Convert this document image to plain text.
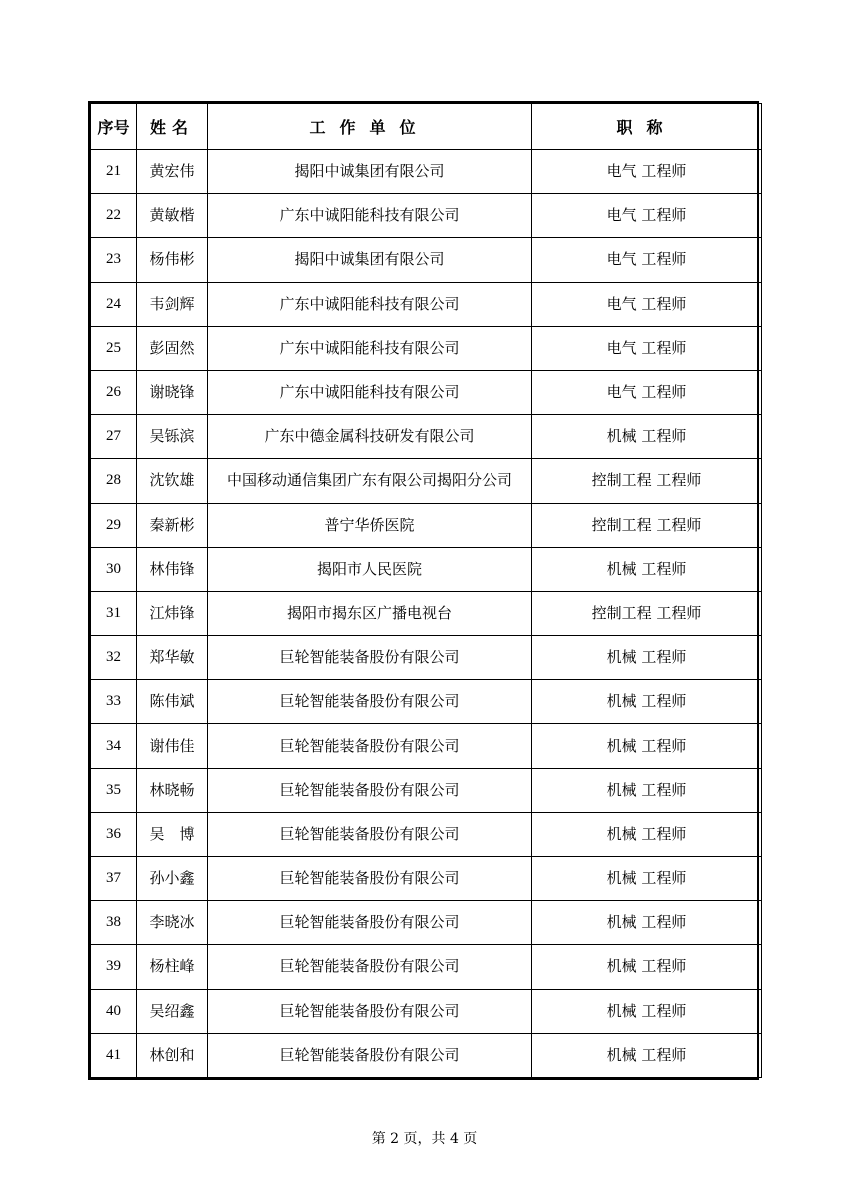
序号	姓名	工作单位	职称
21	黄宏伟	揭阳中诚集团有限公司	电气 工程师
22	黄敏楷	广东中诚阳能科技有限公司	电气 工程师
23	杨伟彬	揭阳中诚集团有限公司	电气 工程师
24	韦剑辉	广东中诚阳能科技有限公司	电气 工程师
25	彭固然	广东中诚阳能科技有限公司	电气 工程师
26	谢晓锋	广东中诚阳能科技有限公司	电气 工程师
27	吴铄滨	广东中德金属科技研发有限公司	机械 工程师
28	沈钦雄	中国移动通信集团广东有限公司揭阳分公司	控制工程 工程师
29	秦新彬	普宁华侨医院	控制工程 工程师
30	林伟锋	揭阳市人民医院	机械 工程师
31	江炜锋	揭阳市揭东区广播电视台	控制工程 工程师
32	郑华敏	巨轮智能装备股份有限公司	机械 工程师
33	陈伟斌	巨轮智能装备股份有限公司	机械 工程师
34	谢伟佳	巨轮智能装备股份有限公司	机械 工程师
35	林晓畅	巨轮智能装备股份有限公司	机械 工程师
36	吴　博	巨轮智能装备股份有限公司	机械 工程师
37	孙小鑫	巨轮智能装备股份有限公司	机械 工程师
38	李晓冰	巨轮智能装备股份有限公司	机械 工程师
39	杨柱峰	巨轮智能装备股份有限公司	机械 工程师
40	吴绍鑫	巨轮智能装备股份有限公司	机械 工程师
41	林创和	巨轮智能装备股份有限公司	机械 工程师
第 2 页，共 4 页
